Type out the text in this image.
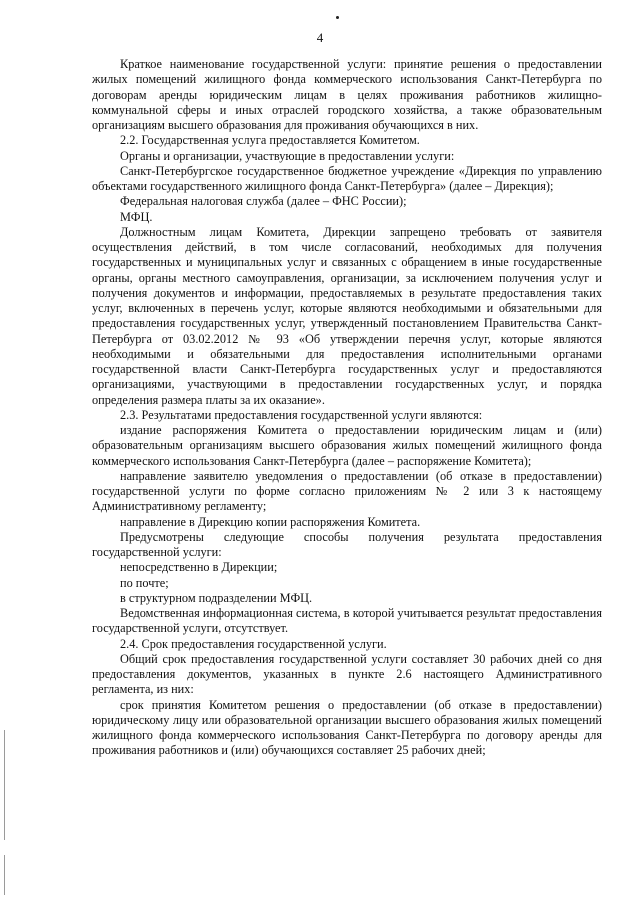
4

Краткое наименование государственной услуги: принятие решения о предоставлении жилых помещений жилищного фонда коммерческого использования Санкт-Петербурга по договорам аренды юридическим лицам в целях проживания работников жилищно-коммунальной сферы и иных отраслей городского хозяйства, а также образовательным организациям высшего образования для проживания обучающихся в них.

2.2. Государственная услуга предоставляется Комитетом.

Органы и организации, участвующие в предоставлении услуги:

Санкт-Петербургское государственное бюджетное учреждение «Дирекция по управлению объектами государственного жилищного фонда Санкт-Петербурга» (далее – Дирекция);

Федеральная налоговая служба (далее – ФНС России);

МФЦ.

Должностным лицам Комитета, Дирекции запрещено требовать от заявителя осуществления действий, в том числе согласований, необходимых для получения государственных и муниципальных услуг и связанных с обращением в иные государственные органы, органы местного самоуправления, организации, за исключением получения услуг и получения документов и информации, предоставляемых в результате предоставления таких услуг, включенных в перечень услуг, которые являются необходимыми и обязательными для предоставления государственных услуг, утвержденный постановлением Правительства Санкт-Петербурга от 03.02.2012 № 93 «Об утверждении перечня услуг, которые являются необходимыми и обязательными для предоставления исполнительными органами государственной власти Санкт-Петербурга государственных услуг и предоставляются организациями, участвующими в предоставлении государственных услуг, и порядка определения размера платы за их оказание».

2.3. Результатами предоставления государственной услуги являются:

издание распоряжения Комитета о предоставлении юридическим лицам и (или) образовательным организациям высшего образования жилых помещений жилищного фонда коммерческого использования Санкт-Петербурга (далее – распоряжение Комитета);

направление заявителю уведомления о предоставлении (об отказе в предоставлении) государственной услуги по форме согласно приложениям № 2 или 3 к настоящему Административному регламенту;

направление в Дирекцию копии распоряжения Комитета.

Предусмотрены следующие способы получения результата предоставления государственной услуги:

непосредственно в Дирекции;

по почте;

в структурном подразделении МФЦ.

Ведомственная информационная система, в которой учитывается результат предоставления государственной услуги, отсутствует.

2.4. Срок предоставления государственной услуги.

Общий срок предоставления государственной услуги составляет 30 рабочих дней со дня предоставления документов, указанных в пункте 2.6 настоящего Административного регламента, из них:

срок принятия Комитетом решения о предоставлении (об отказе в предоставлении) юридическому лицу или образовательной организации высшего образования жилых помещений жилищного фонда коммерческого использования Санкт-Петербурга по договору аренды для проживания работников и (или) обучающихся составляет 25 рабочих дней;
